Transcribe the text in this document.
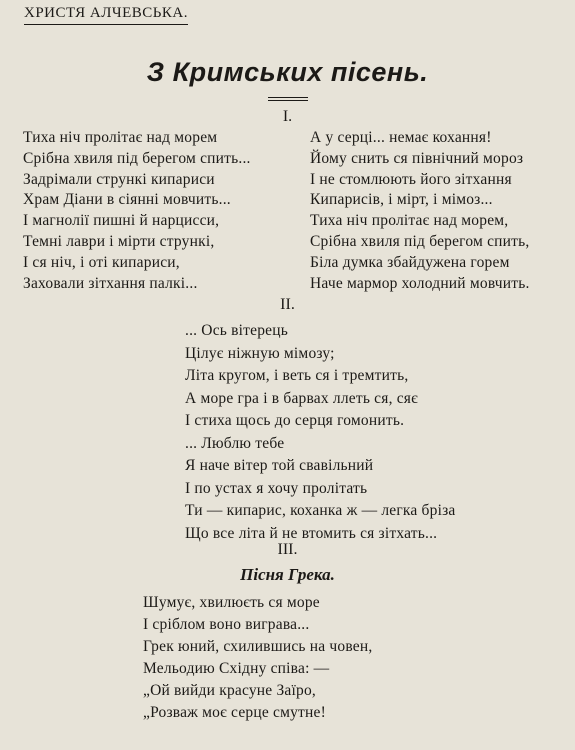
ХРИСТЯ АЛЧЕВСЬКА.
З Кримських пісень.
I.
Тиха ніч пролітає над морем
Срібна хвиля під берегом спить...
Задрімали стрункі кипариси
Храм Діани в сіянні мовчить...
І магнолії пишні й нарцисси,
Темні лаври і мірти стрункі,
І ся ніч, і оті кипариси,
Заховали зітхання палкі...
А у серці... немає кохання!
Йому снить ся північний мороз
І не стомлюють його зітхання
Кипарисів, і мірт, і мімоз...
Тиха ніч пролітає над морем,
Срібна хвиля під берегом спить,
Біла думка збайдужена горем
Наче мармор холодний мовчить.
II.
... Ось вітерець
Цілує ніжную мімозу;
Літа кругом, і веть ся і тремтить,
А море гра і в барвах ллеть ся, сяє
І стиха щось до серця гомонить.
... Люблю тебе
Я наче вітер той свавільний
І по устах я хочу пролітать
Ти — кипарис, коханка ж — легка бріза
Що все літа й не втомить ся зітхать...
III.
Пісня Грека.
Шумує, хвилюєть ся море
І сріблом воно виграва...
Грек юний, схилившись на човен,
Мельодию Східну співа: —
„Ой вийди красуне Заїро,
„Розваж моє серце смутне!
